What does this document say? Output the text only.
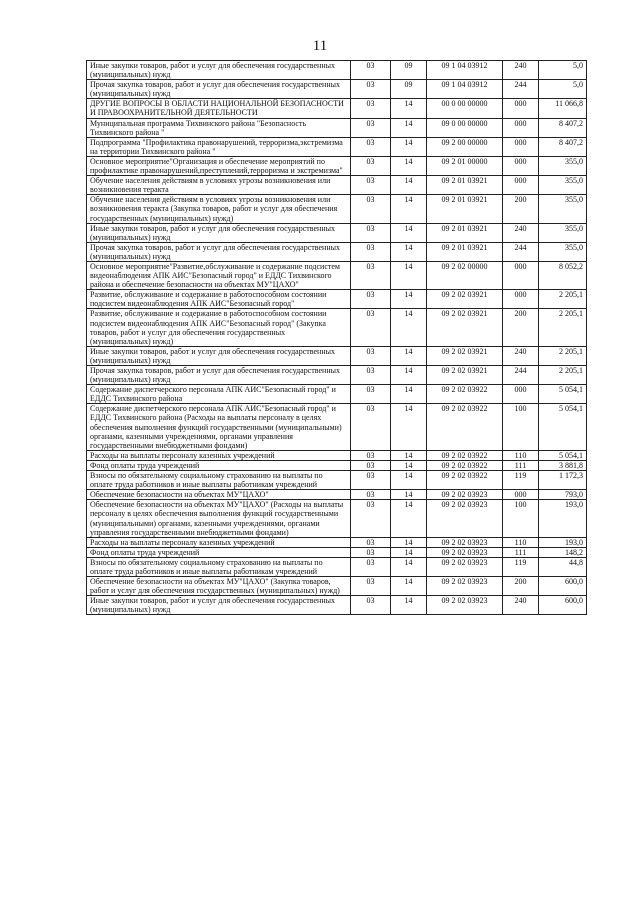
11
Иные закупки товаров, работ и услуг для обеспечения государственных (муниципальных) нужд	03	09	09 1 04 03912	240	5,0
Прочая закупка товаров, работ и услуг для обеспечения государственных (муниципальных) нужд	03	09	09 1 04 03912	244	5,0
ДРУГИЕ ВОПРОСЫ В ОБЛАСТИ НАЦИОНАЛЬНОЙ БЕЗОПАСНОСТИ И ПРАВООХРАНИТЕЛЬНОЙ ДЕЯТЕЛЬНОСТИ	03	14	00 0 00 00000	000	11 066,8
Муниципальная программа Тихвинского района "Безопасность Тихвинского района "	03	14	09 0 00 00000	000	8 407,2
Подпрограмма "Профилактика правонарушений, терроризма,экстремизма на территории Тихвинского района "	03	14	09 2 00 00000	000	8 407,2
Основное мероприятие"Организация и обеспечение мероприятий по профилактике правонарушений,преступлений,терроризма и экстремизма"	03	14	09 2 01 00000	000	355,0
Обучение населения действиям в условиях угрозы возникновения или возникновения теракта	03	14	09 2 01 03921	000	355,0
Обучение населения действиям в условиях угрозы возникновения или возникновения теракта (Закупка товаров, работ и услуг для обеспечения государственных (муниципальных) нужд)	03	14	09 2 01 03921	200	355,0
Иные закупки товаров, работ и услуг для обеспечения государственных (муниципальных) нужд	03	14	09 2 01 03921	240	355,0
Прочая закупка товаров, работ и услуг для обеспечения государственных (муниципальных) нужд	03	14	09 2 01 03921	244	355,0
Основное мероприятие"Развитие,обслуживание и содержание подсистем видеонаблюдения АПК АИС"Безопасный город" и ЕДДС Тихвинского района и обеспечение безопасности на объектах МУ"ЦАХО"	03	14	09 2 02 00000	000	8 052,2
Развитие, обслуживание и содержание в работоспособном состоянии подсистем видеонаблюдения АПК АИС"Безопасный город"	03	14	09 2 02 03921	000	2 205,1
Развитие, обслуживание и содержание в работоспособном состоянии подсистем видеонаблюдения АПК АИС"Безопасный город" (Закупка товаров, работ и услуг для обеспечения государственных (муниципальных) нужд)	03	14	09 2 02 03921	200	2 205,1
Иные закупки товаров, работ и услуг для обеспечения государственных (муниципальных) нужд	03	14	09 2 02 03921	240	2 205,1
Прочая закупка товаров, работ и услуг для обеспечения государственных (муниципальных) нужд	03	14	09 2 02 03921	244	2 205,1
Содержание диспетчерского персонала АПК АИС"Безопасный город" и ЕДДС Тихвинского района	03	14	09 2 02 03922	000	5 054,1
Содержание диспетчерского персонала АПК АИС"Безопасный город" и ЕДДС Тихвинского района (Расходы на выплаты персоналу в целях обеспечения выполнения функций государственными (муниципальными) органами, казенными учреждениями, органами управления государственными внебюджетными фондами)	03	14	09 2 02 03922	100	5 054,1
Расходы на выплаты персоналу казенных учреждений	03	14	09 2 02 03922	110	5 054,1
Фонд оплаты труда учреждений	03	14	09 2 02 03922	111	3 881,8
Взносы по обязательному социальному страхованию на выплаты по оплате труда работников и иные выплаты работникам учреждений	03	14	09 2 02 03922	119	1 172,3
Обеспечение безопасности на объектах МУ"ЦАХО"	03	14	09 2 02 03923	000	793,0
Обеспечение безопасности на объектах МУ"ЦАХО" (Расходы на выплаты персоналу в целях обеспечения выполнения функций государственными (муниципальными) органами, казенными учреждениями, органами управления государственными внебюджетными фондами)	03	14	09 2 02 03923	100	193,0
Расходы на выплаты персоналу казенных учреждений	03	14	09 2 02 03923	110	193,0
Фонд оплаты труда учреждений	03	14	09 2 02 03923	111	148,2
Взносы по обязательному социальному страхованию на выплаты по оплате труда работников и иные выплаты работникам учреждений	03	14	09 2 02 03923	119	44,8
Обеспечение безопасности на объектах МУ"ЦАХО" (Закупка товаров, работ и услуг для обеспечения государственных (муниципальных) нужд)	03	14	09 2 02 03923	200	600,0
Иные закупки товаров, работ и услуг для обеспечения государственных (муниципальных) нужд	03	14	09 2 02 03923	240	600,0
